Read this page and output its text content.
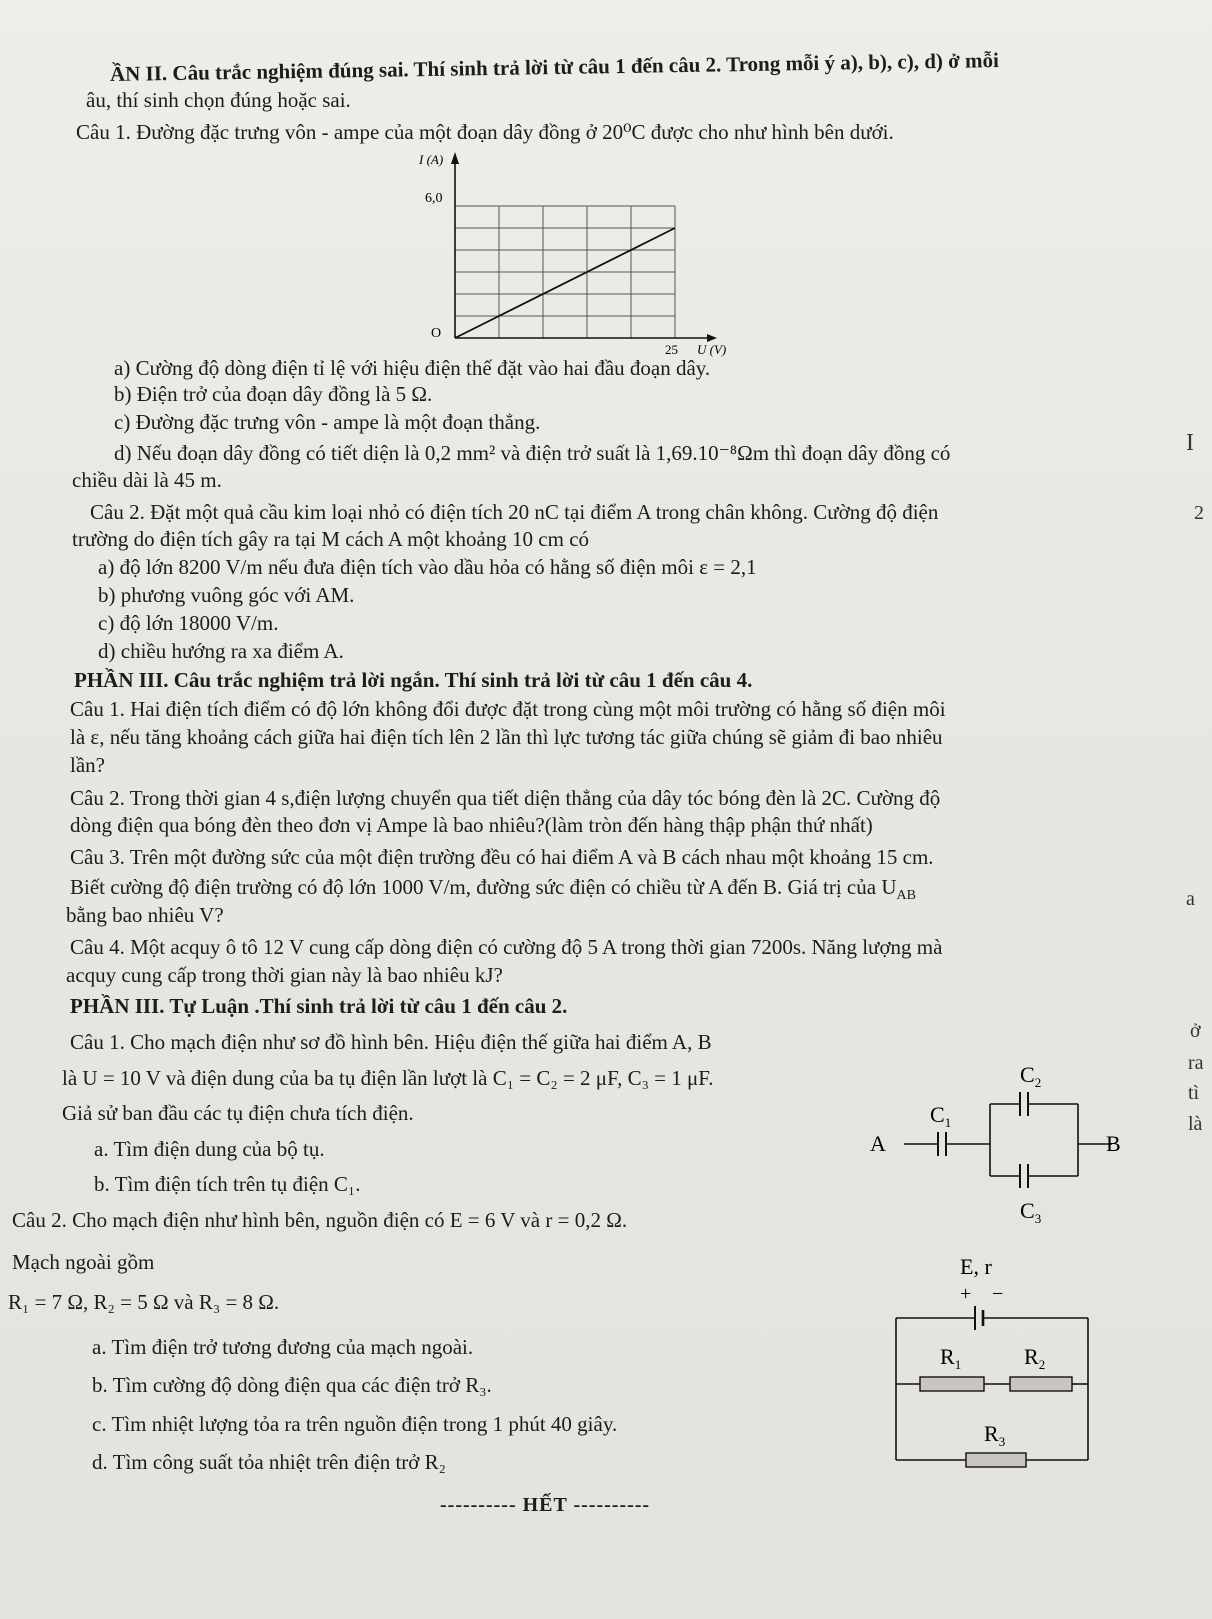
ẦN II. Câu trắc nghiệm đúng sai. Thí sinh trả lời từ câu 1 đến câu 2. Trong mỗi ý a), b), c), d) ở mỗi
âu, thí sinh chọn đúng hoặc sai.
Câu 1. Đường đặc trưng vôn - ampe của một đoạn dây đồng ở 20⁰C được cho như hình bên dưới.
I (A)
6,0
O
25 U (V)
a) Cường độ dòng điện tỉ lệ với hiệu điện thế đặt vào hai đầu đoạn dây.
b) Điện trở của đoạn dây đồng là 5 Ω.
c) Đường đặc trưng vôn - ampe là một đoạn thẳng.
d) Nếu đoạn dây đồng có tiết diện là 0,2 mm² và điện trở suất là 1,69.10⁻⁸Ωm thì đoạn dây đồng có
chiều dài là 45 m.
Câu 2. Đặt một quả cầu kim loại nhỏ có điện tích 20 nC tại điểm A trong chân không. Cường độ điện
trường do điện tích gây ra tại M cách A một khoảng 10 cm có
a) độ lớn 8200 V/m nếu đưa điện tích vào dầu hỏa có hằng số điện môi ε = 2,1
b) phương vuông góc với AM.
c) độ lớn 18000 V/m.
d) chiều hướng ra xa điểm A.
PHẦN III. Câu trắc nghiệm trả lời ngắn. Thí sinh trả lời từ câu 1 đến câu 4.
Câu 1. Hai điện tích điểm có độ lớn không đổi được đặt trong cùng một môi trường có hằng số điện môi
là ε, nếu tăng khoảng cách giữa hai điện tích lên 2 lần thì lực tương tác giữa chúng sẽ giảm đi bao nhiêu
lần?
Câu 2. Trong thời gian 4 s,điện lượng chuyển qua tiết diện thẳng của dây tóc bóng đèn là 2C. Cường độ
dòng điện qua bóng đèn theo đơn vị Ampe là bao nhiêu?(làm tròn đến hàng thập phận thứ nhất)
Câu 3. Trên một đường sức của một điện trường đều có hai điểm A và B cách nhau một khoảng 15 cm.
Biết cường độ điện trường có độ lớn 1000 V/m, đường sức điện có chiều từ A đến B. Giá trị của $U_{AB}$
bằng bao nhiêu V?
Câu 4. Một acquy ô tô 12 V cung cấp dòng điện có cường độ 5 A trong thời gian 7200s. Năng lượng mà
acquy cung cấp trong thời gian này là bao nhiêu kJ?
PHẦN III. Tự Luận .Thí sinh trả lời từ câu 1 đến câu 2.
Câu 1. Cho mạch điện như sơ đồ hình bên. Hiệu điện thế giữa hai điểm A, B
là U = 10 V và điện dung của ba tụ điện lần lượt là C₁ = C₂ = 2 μF, C₃ = 1 μF.
Giả sử ban đầu các tụ điện chưa tích điện.
a. Tìm điện dung của bộ tụ.
b. Tìm điện tích trên tụ điện C₁.
A	B
$C_1$
$C_2$
$C_3$
Câu 2. Cho mạch điện như hình bên, nguồn điện có E = 6 V và r = 0,2 Ω.
Mạch ngoài gồm
R₁ = 7 Ω, R₂ = 5 Ω và R₃ = 8 Ω.
a. Tìm điện trở tương đương của mạch ngoài.
b. Tìm cường độ dòng điện qua các điện trở R₃.
c. Tìm nhiệt lượng tỏa ra trên nguồn điện trong 1 phút 40 giây.
d. Tìm công suất tỏa nhiệt trên điện trở R₂
E, r
+ −
$R_1$	$R_2$
$R_3$
---------- HẾT ----------
I
2
a
ở
ra
tì
là
